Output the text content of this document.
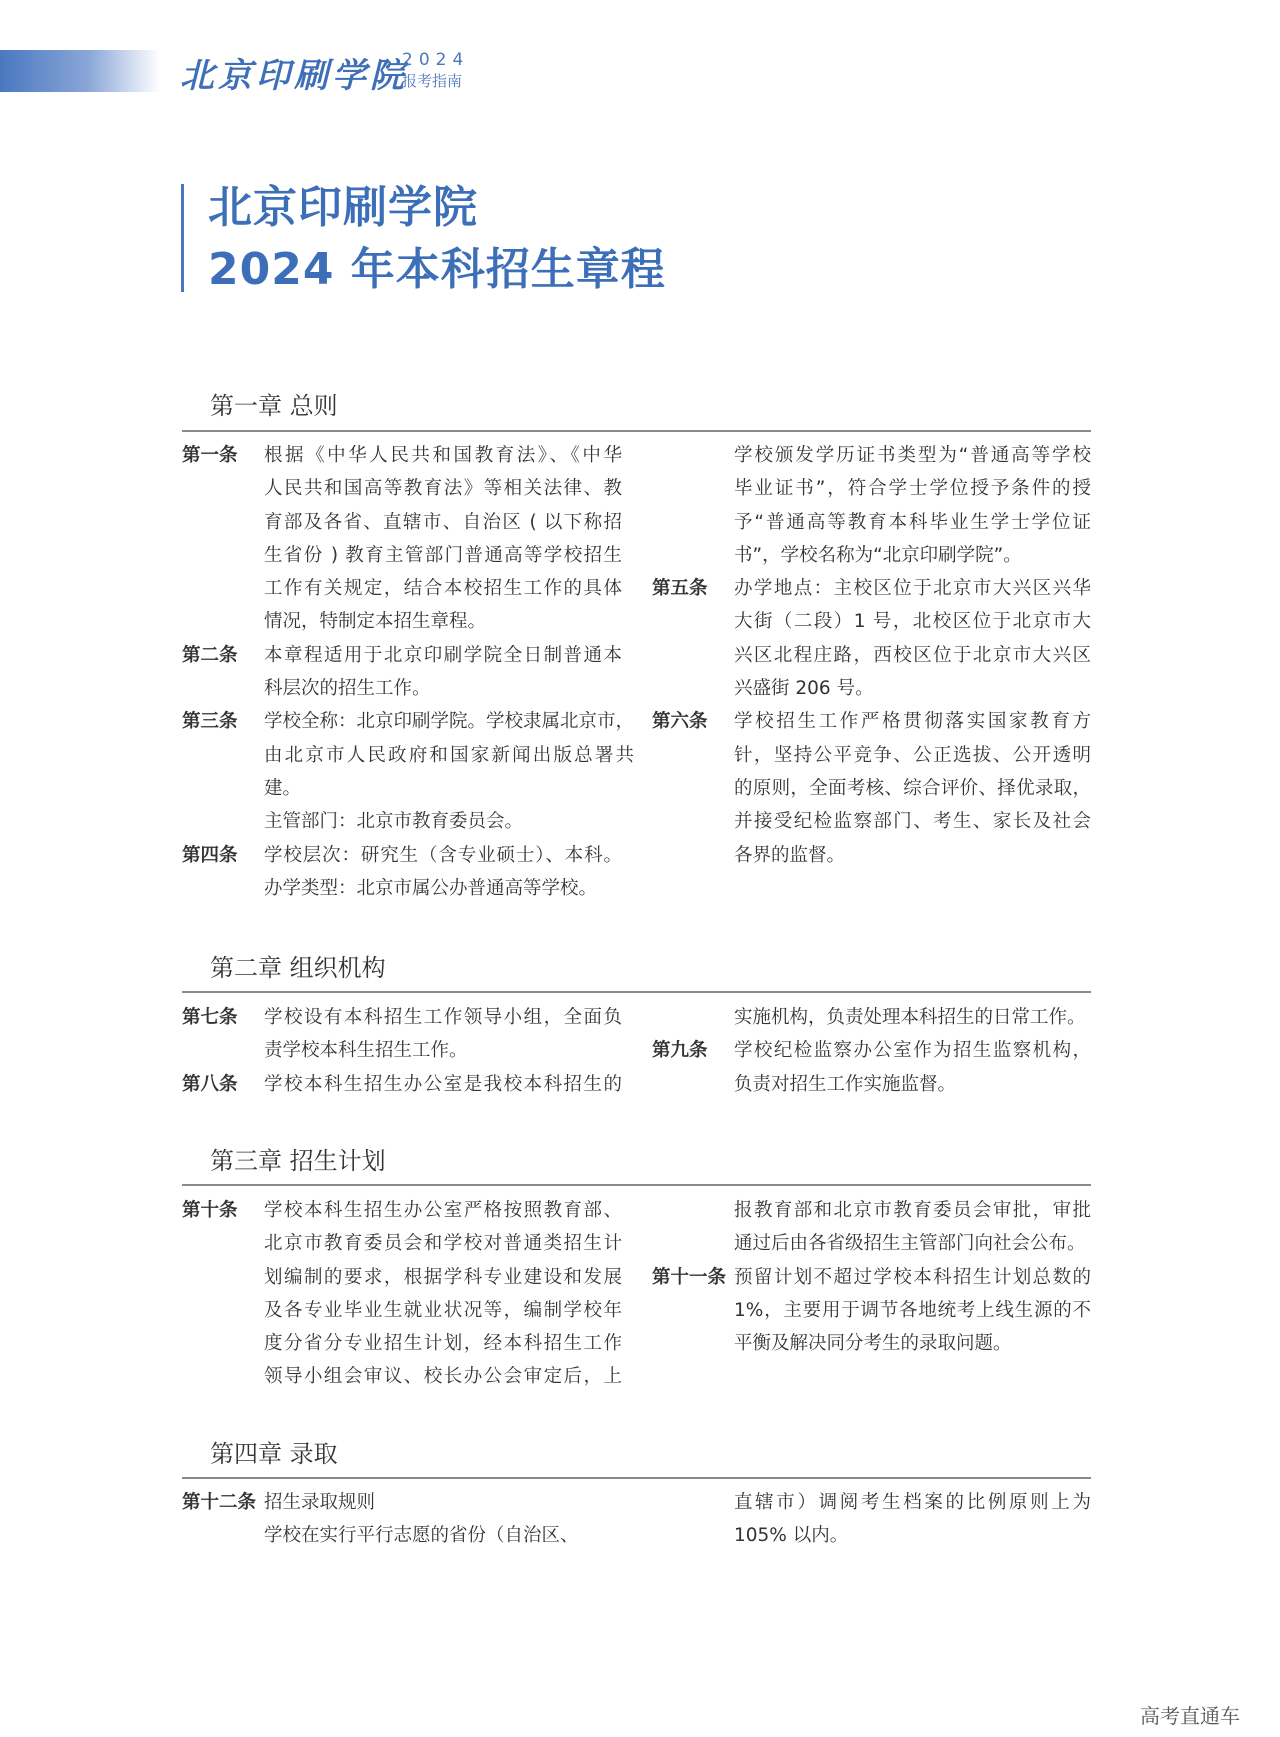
北京印刷学院
2024
报考指南
北京印刷学院
2024 年本科招生章程
第一章 总则
第一条	根据《中华人民共和国教育法》、《中华
人民共和国高等教育法》等相关法律、教
育部及各省、直辖市、自治区 ( 以下称招
生省份 ) 教育主管部门普通高等学校招生
工作有关规定，结合本校招生工作的具体
情况，特制定本招生章程。
第二条	本章程适用于北京印刷学院全日制普通本
科层次的招生工作。
第三条	学校全称：北京印刷学院。学校隶属北京市，
由北京市人民政府和国家新闻出版总署共
建。
主管部门：北京市教育委员会。
第四条	学校层次：研究生（含专业硕士）、本科。
办学类型：北京市属公办普通高等学校。
学校颁发学历证书类型为“普通高等学校
毕业证书”，符合学士学位授予条件的授
予“普通高等教育本科毕业生学士学位证
书”，学校名称为“北京印刷学院”。
第五条	办学地点：主校区位于北京市大兴区兴华
大街（二段）1 号，北校区位于北京市大
兴区北程庄路，西校区位于北京市大兴区
兴盛街 206 号。
第六条	学校招生工作严格贯彻落实国家教育方
针，坚持公平竞争、公正选拔、公开透明
的原则，全面考核、综合评价、择优录取，
并接受纪检监察部门、考生、家长及社会
各界的监督。
第二章 组织机构
第七条	学校设有本科招生工作领导小组，全面负
责学校本科生招生工作。
第八条	学校本科生招生办公室是我校本科招生的
实施机构，负责处理本科招生的日常工作。
第九条	学校纪检监察办公室作为招生监察机构，
负责对招生工作实施监督。
第三章 招生计划
第十条	学校本科生招生办公室严格按照教育部、
北京市教育委员会和学校对普通类招生计
划编制的要求，根据学科专业建设和发展
及各专业毕业生就业状况等，编制学校年
度分省分专业招生计划，经本科招生工作
领导小组会审议、校长办公会审定后，上
报教育部和北京市教育委员会审批，审批
通过后由各省级招生主管部门向社会公布。
第十一条 预留计划不超过学校本科招生计划总数的
1%，主要用于调节各地统考上线生源的不
平衡及解决同分考生的录取问题。
第四章 录取
第十二条 招生录取规则
学校在实行平行志愿的省份（自治区、
直辖市）调阅考生档案的比例原则上为
105% 以内。
高考直通车
